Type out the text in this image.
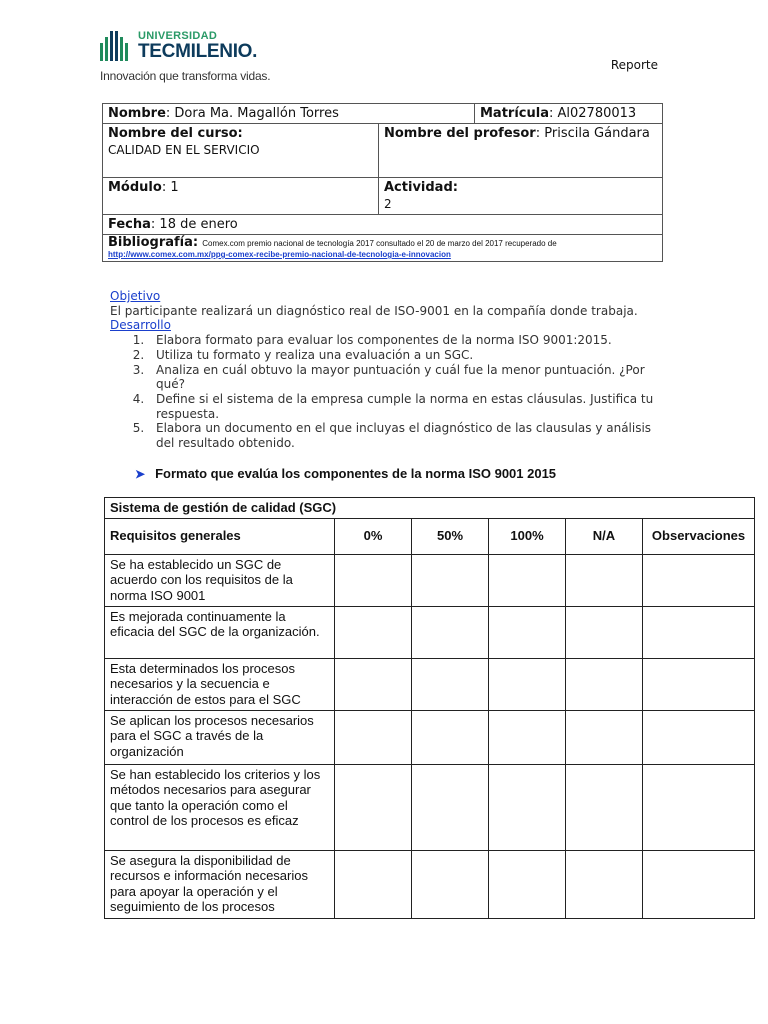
UNIVERSIDAD
TECMILENIO.
Innovación que transforma vidas.
Reporte
Nombre: Dora Ma. Magallón Torres		Matrícula: Al02780013
Nombre del curso:
CALIDAD EN EL SERVICIO	Nombre del profesor: Priscila Gándara	
Módulo: 1	Actividad:
2	
Fecha: 18 de enero		
Bibliografía: Comex.com premio nacional de tecnología 2017 consultado el 20 de marzo del 2017 recuperado de
http://www.comex.com.mx/ppg-comex-recibe-premio-nacional-de-tecnologia-e-innovacion		
Objetivo
El participante realizará un diagnóstico real de ISO-9001 en la compañía donde trabaja.
Desarrollo
1. Elabora formato para evaluar los componentes de la norma ISO 9001:2015.
2. Utiliza tu formato y realiza una evaluación a un SGC.
3. Analiza en cuál obtuvo la mayor puntuación y cuál fue la menor puntuación. ¿Por qué?
4. Define si el sistema de la empresa cumple la norma en estas cláusulas. Justifica tu respuesta.
5. Elabora un documento en el que incluyas el diagnóstico de las clausulas y análisis del resultado obtenido.
➤ Formato que evalúa los componentes de la norma ISO 9001 2015
Sistema de gestión de calidad (SGC)					
Requisitos generales	0%	50%	100%	N/A	Observaciones
Se ha establecido un SGC de acuerdo con los requisitos de la norma ISO 9001					
Es mejorada continuamente la eficacia del SGC de la organización.					
Esta determinados los procesos necesarios y la secuencia e interacción de estos para el SGC					
Se aplican los procesos necesarios para el SGC a través de la organización					
Se han establecido los criterios y los métodos necesarios para asegurar que tanto la operación como el control de los procesos es eficaz					
Se asegura la disponibilidad de recursos e información necesarios para apoyar la operación y el seguimiento de los procesos					
